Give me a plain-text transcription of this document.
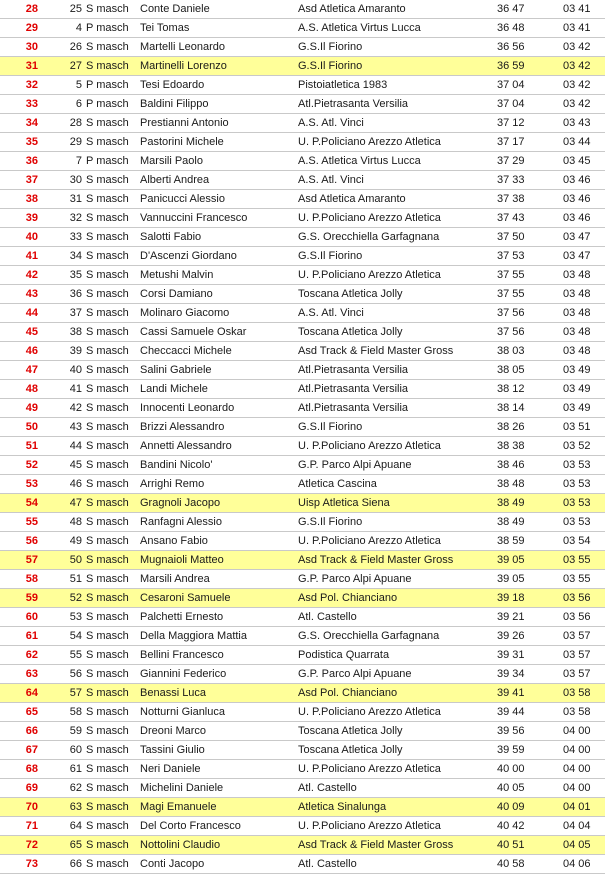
28	25 S masch	Conte Daniele	Asd Atletica Amaranto	36 47	03 41
29	4 P masch	Tei Tomas	A.S. Atletica Virtus Lucca	36 48	03 41
30	26 S masch	Martelli Leonardo	G.S.Il Fiorino	36 56	03 42
31	27 S masch	Martinelli Lorenzo	G.S.Il Fiorino	36 59	03 42
32	5 P masch	Tesi Edoardo	Pistoiatletica 1983	37 04	03 42
33	6 P masch	Baldini Filippo	Atl.Pietrasanta Versilia	37 04	03 42
34	28 S masch	Prestianni Antonio	A.S. Atl. Vinci	37 12	03 43
35	29 S masch	Pastorini Michele	U. P.Policiano Arezzo Atletica	37 17	03 44
36	7 P masch	Marsili Paolo	A.S. Atletica Virtus Lucca	37 29	03 45
37	30 S masch	Alberti Andrea	A.S. Atl. Vinci	37 33	03 46
38	31 S masch	Panicucci Alessio	Asd Atletica Amaranto	37 38	03 46
39	32 S masch	Vannuccini Francesco	U. P.Policiano Arezzo Atletica	37 43	03 46
40	33 S masch	Salotti Fabio	G.S. Orecchiella Garfagnana	37 50	03 47
41	34 S masch	D'Ascenzi Giordano	G.S.Il Fiorino	37 53	03 47
42	35 S masch	Metushi Malvin	U. P.Policiano Arezzo Atletica	37 55	03 48
43	36 S masch	Corsi Damiano	Toscana Atletica Jolly	37 55	03 48
44	37 S masch	Molinaro Giacomo	A.S. Atl. Vinci	37 56	03 48
45	38 S masch	Cassi Samuele Oskar	Toscana Atletica Jolly	37 56	03 48
46	39 S masch	Checcacci Michele	Asd Track & Field Master Gross	38 03	03 48
47	40 S masch	Salini Gabriele	Atl.Pietrasanta Versilia	38 05	03 49
48	41 S masch	Landi Michele	Atl.Pietrasanta Versilia	38 12	03 49
49	42 S masch	Innocenti Leonardo	Atl.Pietrasanta Versilia	38 14	03 49
50	43 S masch	Brizzi Alessandro	G.S.Il Fiorino	38 26	03 51
51	44 S masch	Annetti Alessandro	U. P.Policiano Arezzo Atletica	38 38	03 52
52	45 S masch	Bandini Nicolo'	G.P. Parco Alpi Apuane	38 46	03 53
53	46 S masch	Arrighi Remo	Atletica Cascina	38 48	03 53
54	47 S masch	Gragnoli Jacopo	Uisp Atletica Siena	38 49	03 53
55	48 S masch	Ranfagni Alessio	G.S.Il Fiorino	38 49	03 53
56	49 S masch	Ansano Fabio	U. P.Policiano Arezzo Atletica	38 59	03 54
57	50 S masch	Mugnaioli Matteo	Asd Track & Field Master Gross	39 05	03 55
58	51 S masch	Marsili Andrea	G.P. Parco Alpi Apuane	39 05	03 55
59	52 S masch	Cesaroni Samuele	Asd Pol. Chianciano	39 18	03 56
60	53 S masch	Palchetti Ernesto	Atl. Castello	39 21	03 56
61	54 S masch	Della Maggiora Mattia	G.S. Orecchiella Garfagnana	39 26	03 57
62	55 S masch	Bellini Francesco	Podistica Quarrata	39 31	03 57
63	56 S masch	Giannini Federico	G.P. Parco Alpi Apuane	39 34	03 57
64	57 S masch	Benassi Luca	Asd Pol. Chianciano	39 41	03 58
65	58 S masch	Notturni Gianluca	U. P.Policiano Arezzo Atletica	39 44	03 58
66	59 S masch	Dreoni Marco	Toscana Atletica Jolly	39 56	04 00
67	60 S masch	Tassini Giulio	Toscana Atletica Jolly	39 59	04 00
68	61 S masch	Neri Daniele	U. P.Policiano Arezzo Atletica	40 00	04 00
69	62 S masch	Michelini Daniele	Atl. Castello	40 05	04 00
70	63 S masch	Magi Emanuele	Atletica Sinalunga	40 09	04 01
71	64 S masch	Del Corto Francesco	U. P.Policiano Arezzo Atletica	40 42	04 04
72	65 S masch	Nottolini Claudio	Asd Track & Field Master Gross	40 51	04 05
73	66 S masch	Conti Jacopo	Atl. Castello	40 58	04 06
